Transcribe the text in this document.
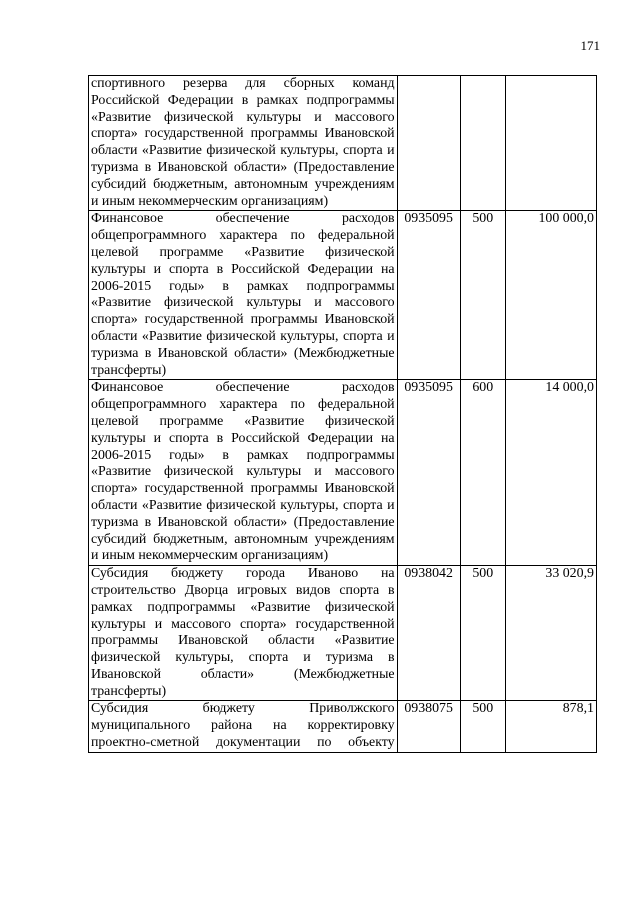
171
спортивного резерва для сборных команд Российской Федерации в рамках подпрограммы «Развитие физической культуры и массового спорта» государственной программы Ивановской области «Развитие физической культуры, спорта и туризма в Ивановской области» (Предоставление субсидий бюджетным, автономным учреждениям и иным некоммерческим организациям)			
Финансовое обеспечение расходов общепрограммного характера по федеральной целевой программе «Развитие физической культуры и спорта в Российской Федерации на 2006-2015 годы» в рамках подпрограммы «Развитие физической культуры и массового спорта» государственной программы Ивановской области «Развитие физической культуры, спорта и туризма в Ивановской области» (Межбюджетные трансферты)	0935095	500	100 000,0
Финансовое обеспечение расходов общепрограммного характера по федеральной целевой программе «Развитие физической культуры и спорта в Российской Федерации на 2006-2015 годы» в рамках подпрограммы «Развитие физической культуры и массового спорта» государственной программы Ивановской области «Развитие физической культуры, спорта и туризма в Ивановской области» (Предоставление субсидий бюджетным, автономным учреждениям и иным некоммерческим организациям)	0935095	600	14 000,0
Субсидия бюджету города Иваново на строительство Дворца игровых видов спорта в рамках подпрограммы «Развитие физической культуры и массового спорта» государственной программы Ивановской области «Развитие физической культуры, спорта и туризма в Ивановской области» (Межбюджетные трансферты)	0938042	500	33 020,9
Субсидия бюджету Приволжского муниципального района на корректировку проектно-сметной документации по объекту	0938075	500	878,1
